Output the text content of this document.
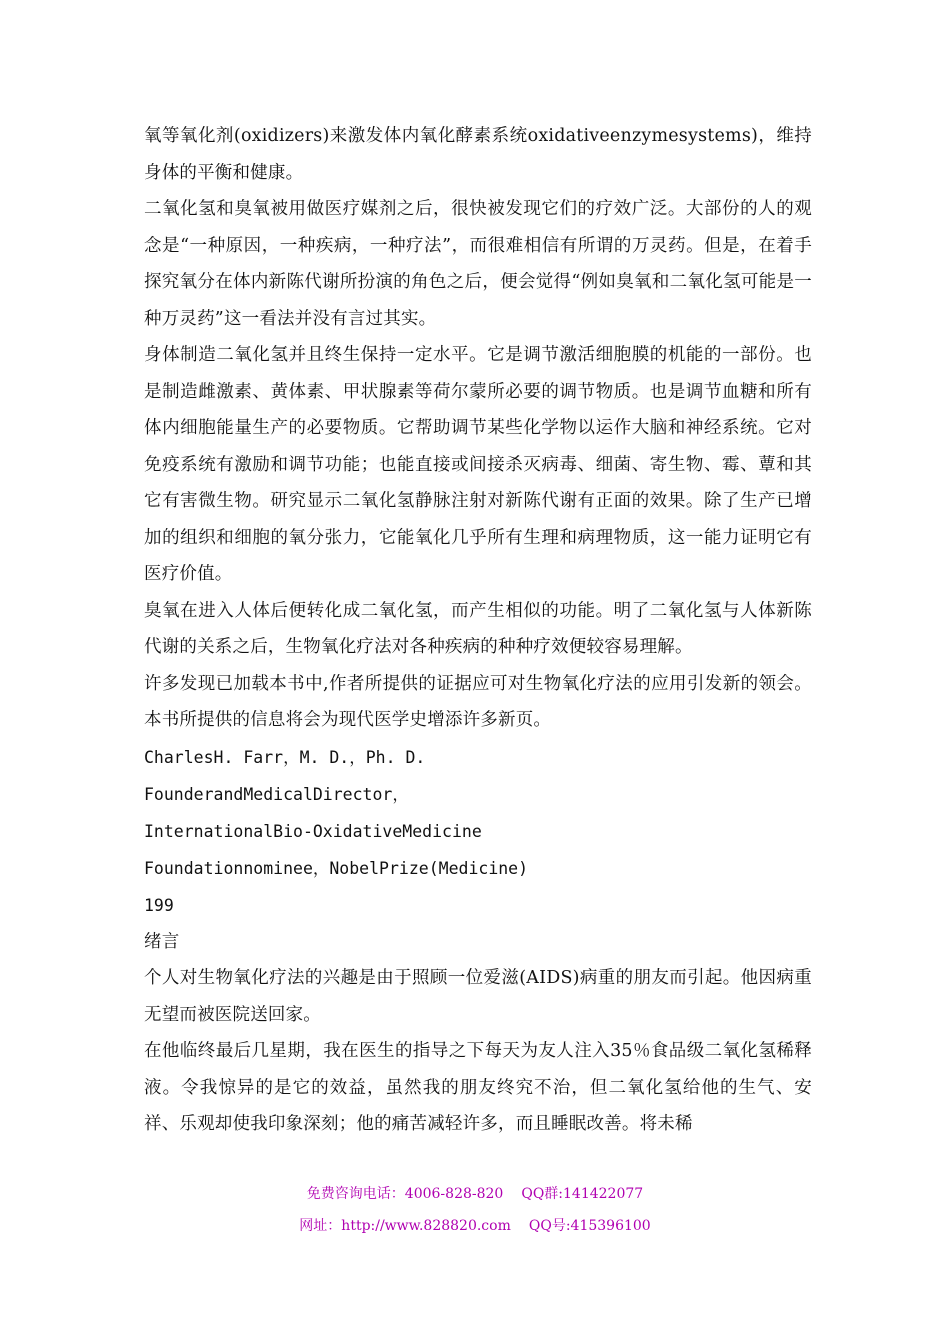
氧等氧化剂(oxidizers)来激发体内氧化酵素系统oxidativeenzymesystems)，维持身体的平衡和健康。

二氧化氢和臭氧被用做医疗媒剂之后，很快被发现它们的疗效广泛。大部份的人的观念是“一种原因，一种疾病，一种疗法”，而很难相信有所谓的万灵药。但是，在着手探究氧分在体内新陈代谢所扮演的角色之后，便会觉得“例如臭氧和二氧化氢可能是一种万灵药”这一看法并没有言过其实。

身体制造二氧化氢并且终生保持一定水平。它是调节激活细胞膜的机能的一部份。也是制造雌激素、黄体素、甲状腺素等荷尔蒙所必要的调节物质。也是调节血糖和所有体内细胞能量生产的必要物质。它帮助调节某些化学物以运作大脑和神经系统。它对免疫系统有激励和调节功能；也能直接或间接杀灭病毒、细菌、寄生物、霉、蕈和其它有害微生物。研究显示二氧化氢静脉注射对新陈代谢有正面的效果。除了生产已增加的组织和细胞的氧分张力，它能氧化几乎所有生理和病理物质，这一能力证明它有医疗价值。

臭氧在进入人体后便转化成二氧化氢，而产生相似的功能。明了二氧化氢与人体新陈代谢的关系之后，生物氧化疗法对各种疾病的种种疗效便较容易理解。

许多发现已加载本书中,作者所提供的证据应可对生物氧化疗法的应用引发新的领会。本书所提供的信息将会为现代医学史增添许多新页。

CharlesH. Farr，M. D.，Ph. D.

FounderandMedicalDirector，

InternationalBio-OxidativeMedicine

Foundationnominee，NobelPrize(Medicine)

199

绪言

个人对生物氧化疗法的兴趣是由于照顾一位爱滋(AIDS)病重的朋友而引起。他因病重无望而被医院送回家。

在他临终最后几星期，我在医生的指导之下每天为友人注入35％食品级二氧化氢稀释液。令我惊异的是它的效益，虽然我的朋友终究不治，但二氧化氢给他的生气、安祥、乐观却使我印象深刻；他的痛苦减轻许多，而且睡眠改善。将未稀

免费咨询电话：4006-828-820 QQ群:141422077
网址：http://www.828820.com QQ号:415396100
